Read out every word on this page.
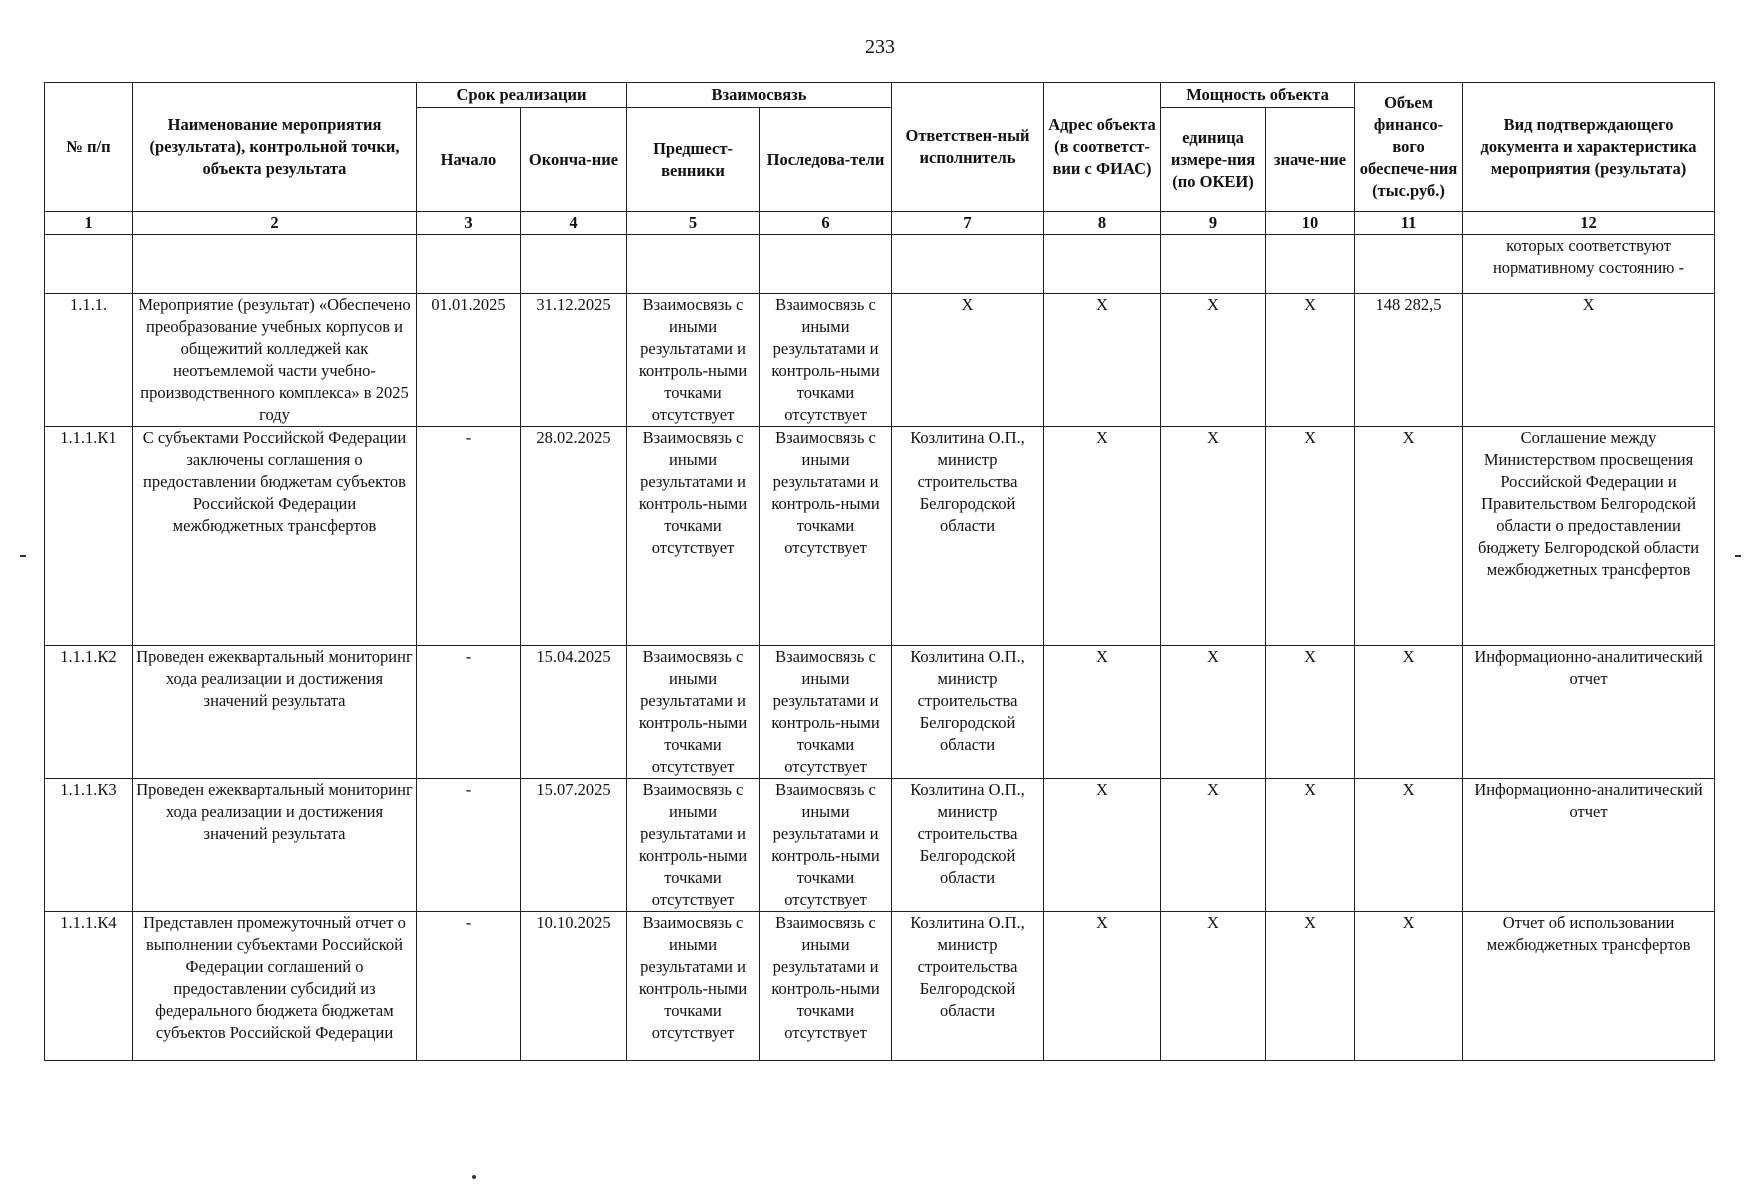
233
№ п/п	Наименование мероприятия (результата), контрольной точки, объекта результата	Срок реализации		Взаимосвязь		Ответствен-ный исполнитель	Адрес объекта (в соответст-вии с ФИАС)	Мощность объекта		Объем финансо-вого обеспече-ния (тыс.руб.)	Вид подтверждающего документа и характеристика мероприятия (результата)
		Начало	Оконча-ние	Предшест-венники	Последова-тели			единица измере-ния (по ОКЕИ)	значе-ние		
1	2	3	4	5	6	7	8	9	10	11	12
											которых соответствуют нормативному состоянию -
1.1.1.	Мероприятие (результат) «Обеспечено преобразование учебных корпусов и общежитий колледжей как неотъемлемой части учебно-производственного комплекса» в 2025 году	01.01.2025	31.12.2025	Взаимосвязь с иными результатами и контроль-ными точками отсутствует	Взаимосвязь с иными результатами и контроль-ными точками отсутствует	Х	Х	Х	Х	148 282,5	Х
1.1.1.К1	С субъектами Российской Федерации заключены соглашения о предоставлении бюджетам субъектов Российской Федерации межбюджетных трансфертов	-	28.02.2025	Взаимосвязь с иными результатами и контроль-ными точками отсутствует	Взаимосвязь с иными результатами и контроль-ными точками отсутствует	Козлитина О.П., министр строительства Белгородской области	Х	Х	Х	Х	Соглашение между Министерством просвещения Российской Федерации и Правительством Белгородской области о предоставлении бюджету Белгородской области межбюджетных трансфертов
1.1.1.К2	Проведен ежеквартальный мониторинг хода реализации и достижения значений результата	-	15.04.2025	Взаимосвязь с иными результатами и контроль-ными точками отсутствует	Взаимосвязь с иными результатами и контроль-ными точками отсутствует	Козлитина О.П., министр строительства Белгородской области	Х	Х	Х	Х	Информационно-аналитический отчет
1.1.1.К3	Проведен ежеквартальный мониторинг хода реализации и достижения значений результата	-	15.07.2025	Взаимосвязь с иными результатами и контроль-ными точками отсутствует	Взаимосвязь с иными результатами и контроль-ными точками отсутствует	Козлитина О.П., министр строительства Белгородской области	Х	Х	Х	Х	Информационно-аналитический отчет
1.1.1.К4	Представлен промежуточный отчет о выполнении субъектами Российской Федерации соглашений о предоставлении субсидий из федерального бюджета бюджетам субъектов Российской Федерации	-	10.10.2025	Взаимосвязь с иными результатами и контроль-ными точками отсутствует	Взаимосвязь с иными результатами и контроль-ными точками отсутствует	Козлитина О.П., министр строительства Белгородской области	Х	Х	Х	Х	Отчет об использовании межбюджетных трансфертов
